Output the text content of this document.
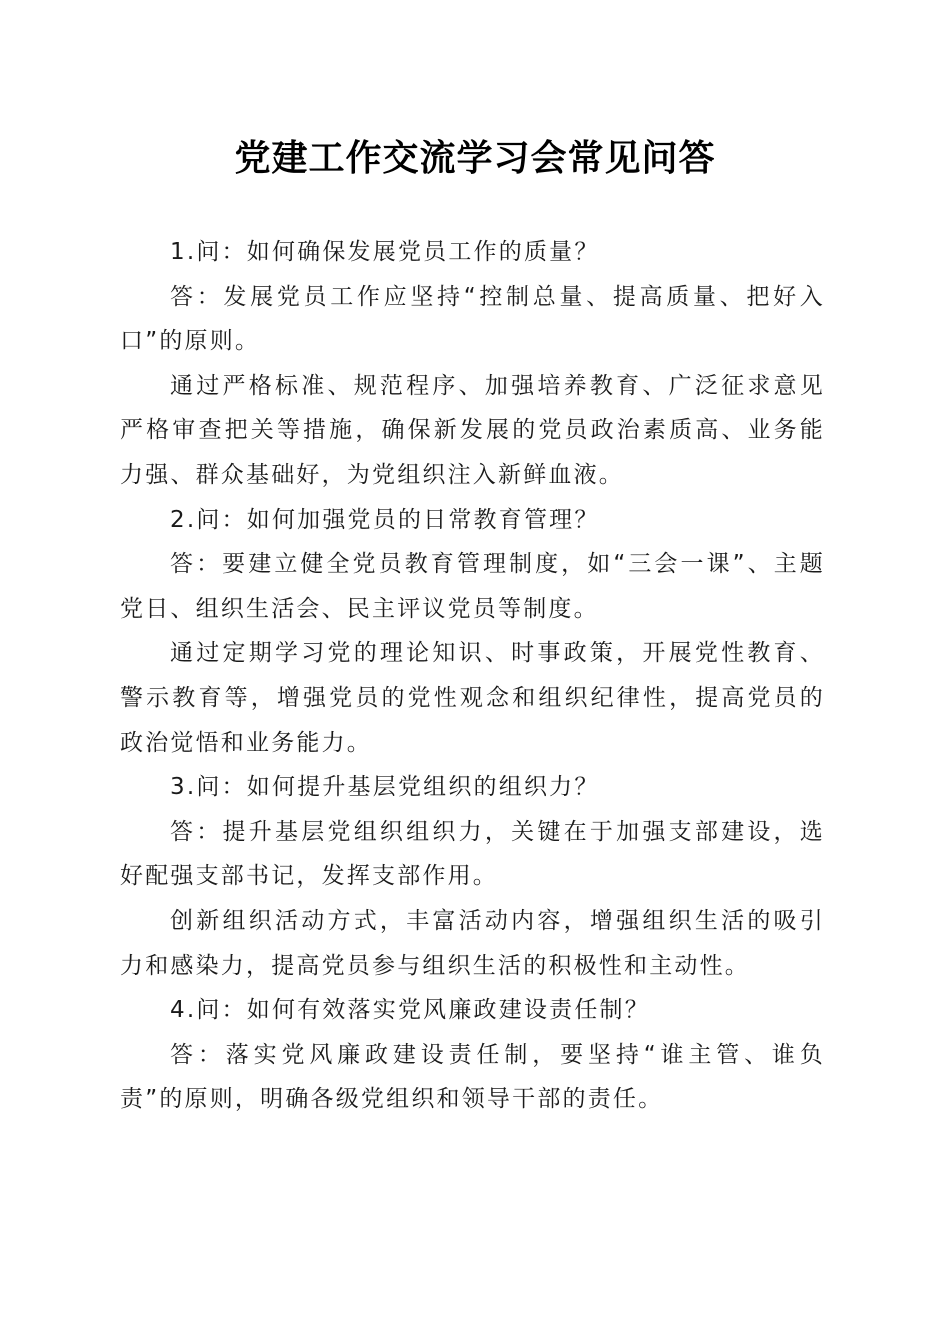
党建工作交流学习会常见问答

1.问：如何确保发展党员工作的质量？

答：发展党员工作应坚持“控制总量、提高质量、把好入口”的原则。

通过严格标准、规范程序、加强培养教育、广泛征求意见严格审查把关等措施，确保新发展的党员政治素质高、业务能力强、群众基础好，为党组织注入新鲜血液。

2.问：如何加强党员的日常教育管理？

答：要建立健全党员教育管理制度，如“三会一课”、主题党日、组织生活会、民主评议党员等制度。

通过定期学习党的理论知识、时事政策，开展党性教育、警示教育等，增强党员的党性观念和组织纪律性，提高党员的政治觉悟和业务能力。

3.问：如何提升基层党组织的组织力？

答：提升基层党组织组织力，关键在于加强支部建设，选好配强支部书记，发挥支部作用。

创新组织活动方式，丰富活动内容，增强组织生活的吸引力和感染力，提高党员参与组织生活的积极性和主动性。

4.问：如何有效落实党风廉政建设责任制？

答：落实党风廉政建设责任制，要坚持“谁主管、谁负责”的原则，明确各级党组织和领导干部的责任。
